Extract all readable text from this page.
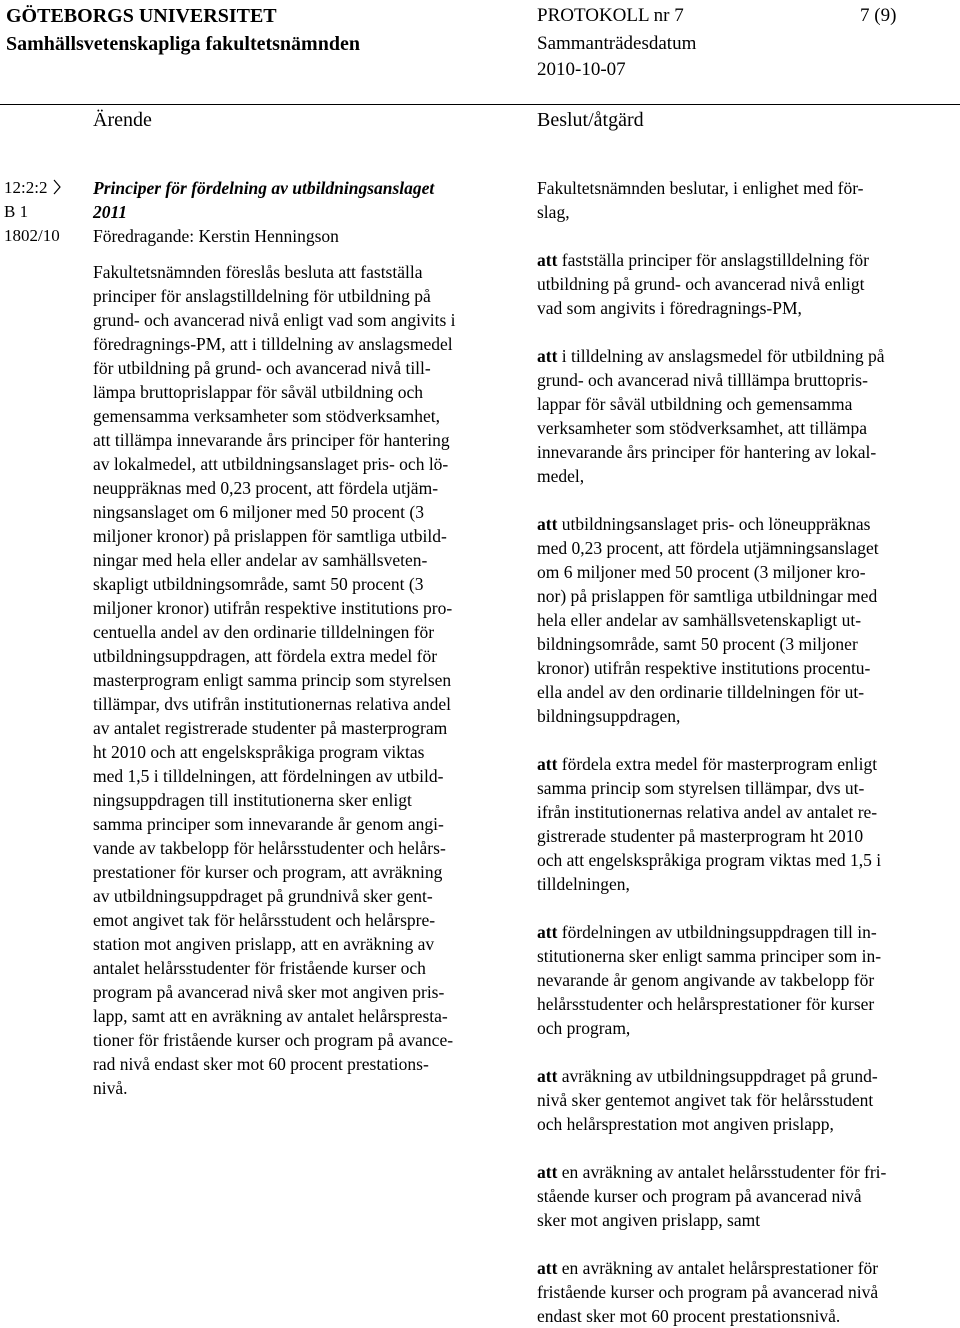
GÖTEBORGS UNIVERSITET
Samhällsvetenskapliga fakultetsnämnden
PROTOKOLL nr 7	7 (9)
Sammanträdesdatum
2010-10-07
Ärende	Beslut/åtgärd
12:2:2
B 1
1802/10
Principer för fördelning av utbildningsanslaget
2011
Föredragande: Kerstin Henningson
Fakultetsnämnden föreslås besluta att fastställa
principer för anslagstilldelning för utbildning på
grund- och avancerad nivå enligt vad som angivits i
föredragnings-PM, att i tilldelning av anslagsmedel
för utbildning på grund- och avancerad nivå till-
lämpa bruttoprislappar för såväl utbildning och
gemensamma verksamheter som stödverksamhet,
att tillämpa innevarande års principer för hantering
av lokalmedel, att utbildningsanslaget pris- och lö-
neuppräknas med 0,23 procent, att fördela utjäm-
ningsanslaget om 6 miljoner med 50 procent (3
miljoner kronor) på prislappen för samtliga utbild-
ningar med hela eller andelar av samhällsveten-
skapligt utbildningsområde, samt 50 procent (3
miljoner kronor) utifrån respektive institutions pro-
centuella andel av den ordinarie tilldelningen för
utbildningsuppdragen, att fördela extra medel för
masterprogram enligt samma princip som styrelsen
tillämpar, dvs utifrån institutionernas relativa andel
av antalet registrerade studenter på masterprogram
ht 2010 och att engelskspråkiga program viktas
med 1,5 i tilldelningen, att fördelningen av utbild-
ningsuppdragen till institutionerna sker enligt
samma principer som innevarande år genom angi-
vande av takbelopp för helårsstudenter och helårs-
prestationer för kurser och program, att avräkning
av utbildningsuppdraget på grundnivå sker gent-
emot angivet tak för helårsstudent och helårspre-
station mot angiven prislapp, att en avräkning av
antalet helårsstudenter för fristående kurser och
program på avancerad nivå sker mot angiven pris-
lapp, samt att en avräkning av antalet helårspresta-
tioner för fristående kurser och program på avance-
rad nivå endast sker mot 60 procent prestations-
nivå.
Fakultetsnämnden beslutar, i enlighet med för-
slag,
att fastställa principer för anslagstilldelning för
utbildning på grund- och avancerad nivå enligt
vad som angivits i föredragnings-PM,
att i tilldelning av anslagsmedel för utbildning på
grund- och avancerad nivå tilllämpa bruttopris-
lappar för såväl utbildning och gemensamma
verksamheter som stödverksamhet, att tillämpa
innevarande års principer för hantering av lokal-
medel,
att utbildningsanslaget pris- och löneuppräknas
med 0,23 procent, att fördela utjämningsanslaget
om 6 miljoner med 50 procent (3 miljoner kro-
nor) på prislappen för samtliga utbildningar med
hela eller andelar av samhällsvetenskapligt ut-
bildningsområde, samt 50 procent (3 miljoner
kronor) utifrån respektive institutions procentu-
ella andel av den ordinarie tilldelningen för ut-
bildningsuppdragen,
att fördela extra medel för masterprogram enligt
samma princip som styrelsen tillämpar, dvs ut-
ifrån institutionernas relativa andel av antalet re-
gistrerade studenter på masterprogram ht 2010
och att engelskspråkiga program viktas med 1,5 i
tilldelningen,
att fördelningen av utbildningsuppdragen till in-
stitutionerna sker enligt samma principer som in-
nevarande år genom angivande av takbelopp för
helårsstudenter och helårsprestationer för kurser
och program,
att avräkning av utbildningsuppdraget på grund-
nivå sker gentemot angivet tak för helårsstudent
och helårsprestation mot angiven prislapp,
att en avräkning av antalet helårsstudenter för fri-
stående kurser och program på avancerad nivå
sker mot angiven prislapp, samt
att en avräkning av antalet helårsprestationer för
fristående kurser och program på avancerad nivå
endast sker mot 60 procent prestationsnivå.
